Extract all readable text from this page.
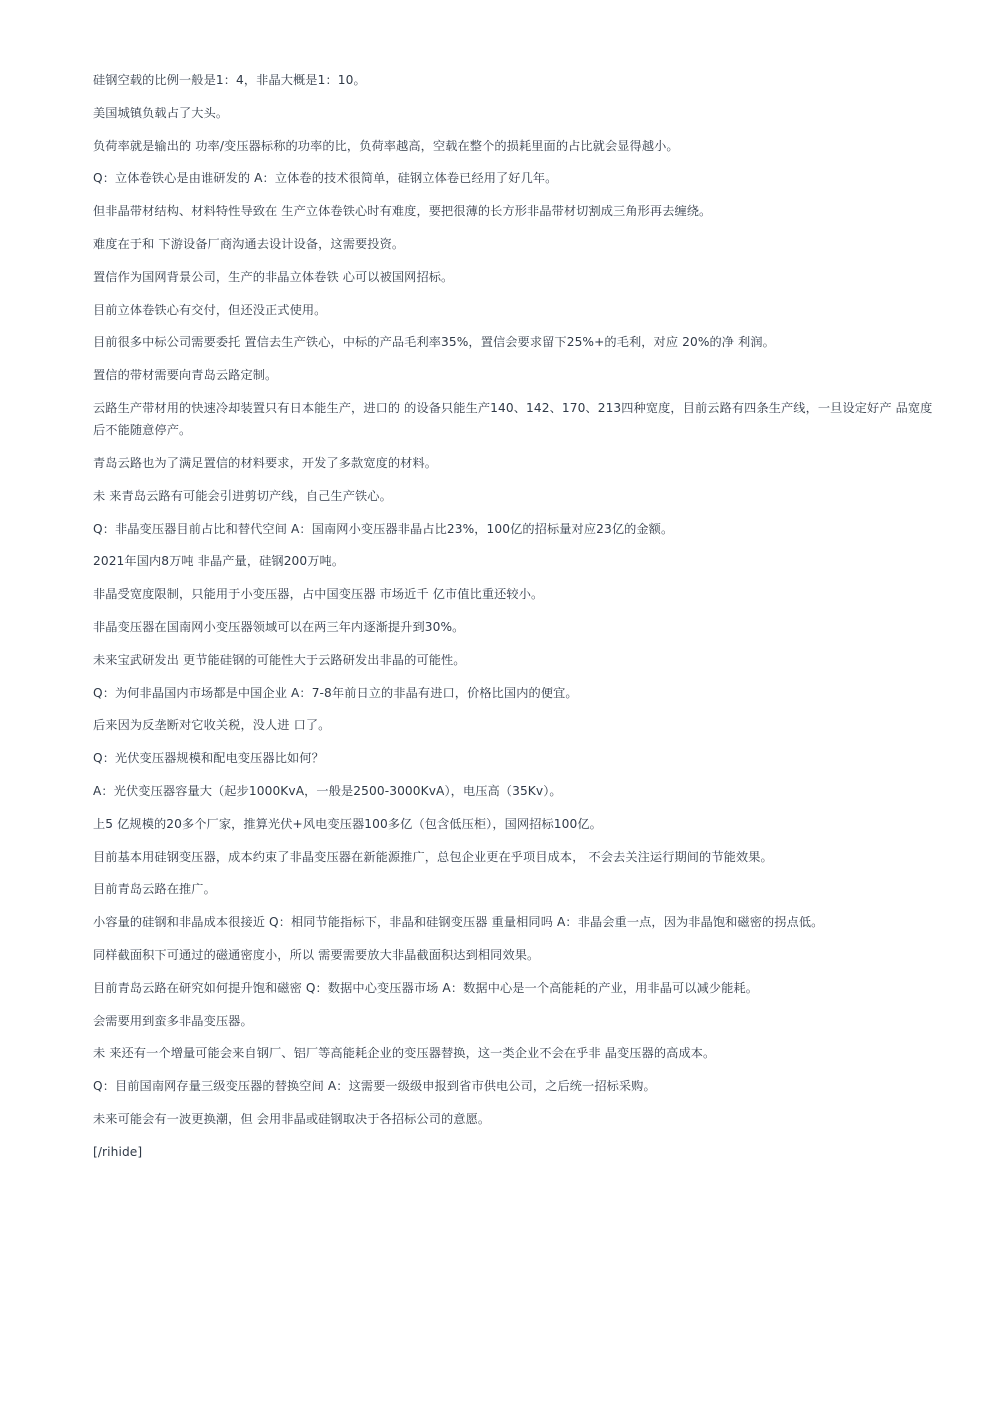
硅钢空载的比例一般是1：4，非晶大概是1：10。

美国城镇负载占了大头。

负荷率就是输出的 功率/变压器标称的功率的比，负荷率越高，空载在整个的损耗里面的占比就会显得越小。

Q：立体卷铁心是由谁研发的 A：立体卷的技术很简单，硅钢立体卷已经用了好几年。

但非晶带材结构、材料特性导致在 生产立体卷铁心时有难度，要把很薄的长方形非晶带材切割成三角形再去缠绕。

难度在于和 下游设备厂商沟通去设计设备，这需要投资。

置信作为国网背景公司，生产的非晶立体卷铁 心可以被国网招标。

目前立体卷铁心有交付，但还没正式使用。

目前很多中标公司需要委托 置信去生产铁心，中标的产品毛利率35%，置信会要求留下25%+的毛利，对应 20%的净 利润。

置信的带材需要向青岛云路定制。

云路生产带材用的快速冷却装置只有日本能生产，进口的 的设备只能生产140、142、170、213四种宽度，目前云路有四条生产线，一旦设定好产 品宽度后不能随意停产。

青岛云路也为了满足置信的材料要求，开发了多款宽度的材料。

未 来青岛云路有可能会引进剪切产线，自己生产铁心。

Q：非晶变压器目前占比和替代空间 A：国南网小变压器非晶占比23%，100亿的招标量对应23亿的金额。

2021年国内8万吨 非晶产量，硅钢200万吨。

非晶受宽度限制，只能用于小变压器，占中国变压器 市场近千 亿市值比重还较小。

非晶变压器在国南网小变压器领域可以在两三年内逐渐提升到30%。

未来宝武研发出 更节能硅钢的可能性大于云路研发出非晶的可能性。

Q：为何非晶国内市场都是中国企业 A：7-8年前日立的非晶有进口，价格比国内的便宜。

后来因为反垄断对它收关税，没人进 口了。

Q：光伏变压器规模和配电变压器比如何？

A：光伏变压器容量大（起步1000KvA，一般是2500-3000KvA），电压高（35Kv）。

上5 亿规模的20多个厂家，推算光伏+风电变压器100多亿（包含低压柜），国网招标100亿。

目前基本用硅钢变压器，成本约束了非晶变压器在新能源推广，总包企业更在乎项目成本， 不会去关注运行期间的节能效果。

目前青岛云路在推广。

小容量的硅钢和非晶成本很接近 Q：相同节能指标下，非晶和硅钢变压器 重量相同吗 A：非晶会重一点，因为非晶饱和磁密的拐点低。

同样截面积下可通过的磁通密度小，所以 需要需要放大非晶截面积达到相同效果。

目前青岛云路在研究如何提升饱和磁密 Q：数据中心变压器市场 A：数据中心是一个高能耗的产业，用非晶可以减少能耗。

会需要用到蛮多非晶变压器。

未 来还有一个增量可能会来自钢厂、铝厂等高能耗企业的变压器替换，这一类企业不会在乎非 晶变压器的高成本。

Q：目前国南网存量三级变压器的替换空间 A：这需要一级级申报到省市供电公司，之后统一招标采购。

未来可能会有一波更换潮，但 会用非晶或硅钢取决于各招标公司的意愿。

[/rihide]
